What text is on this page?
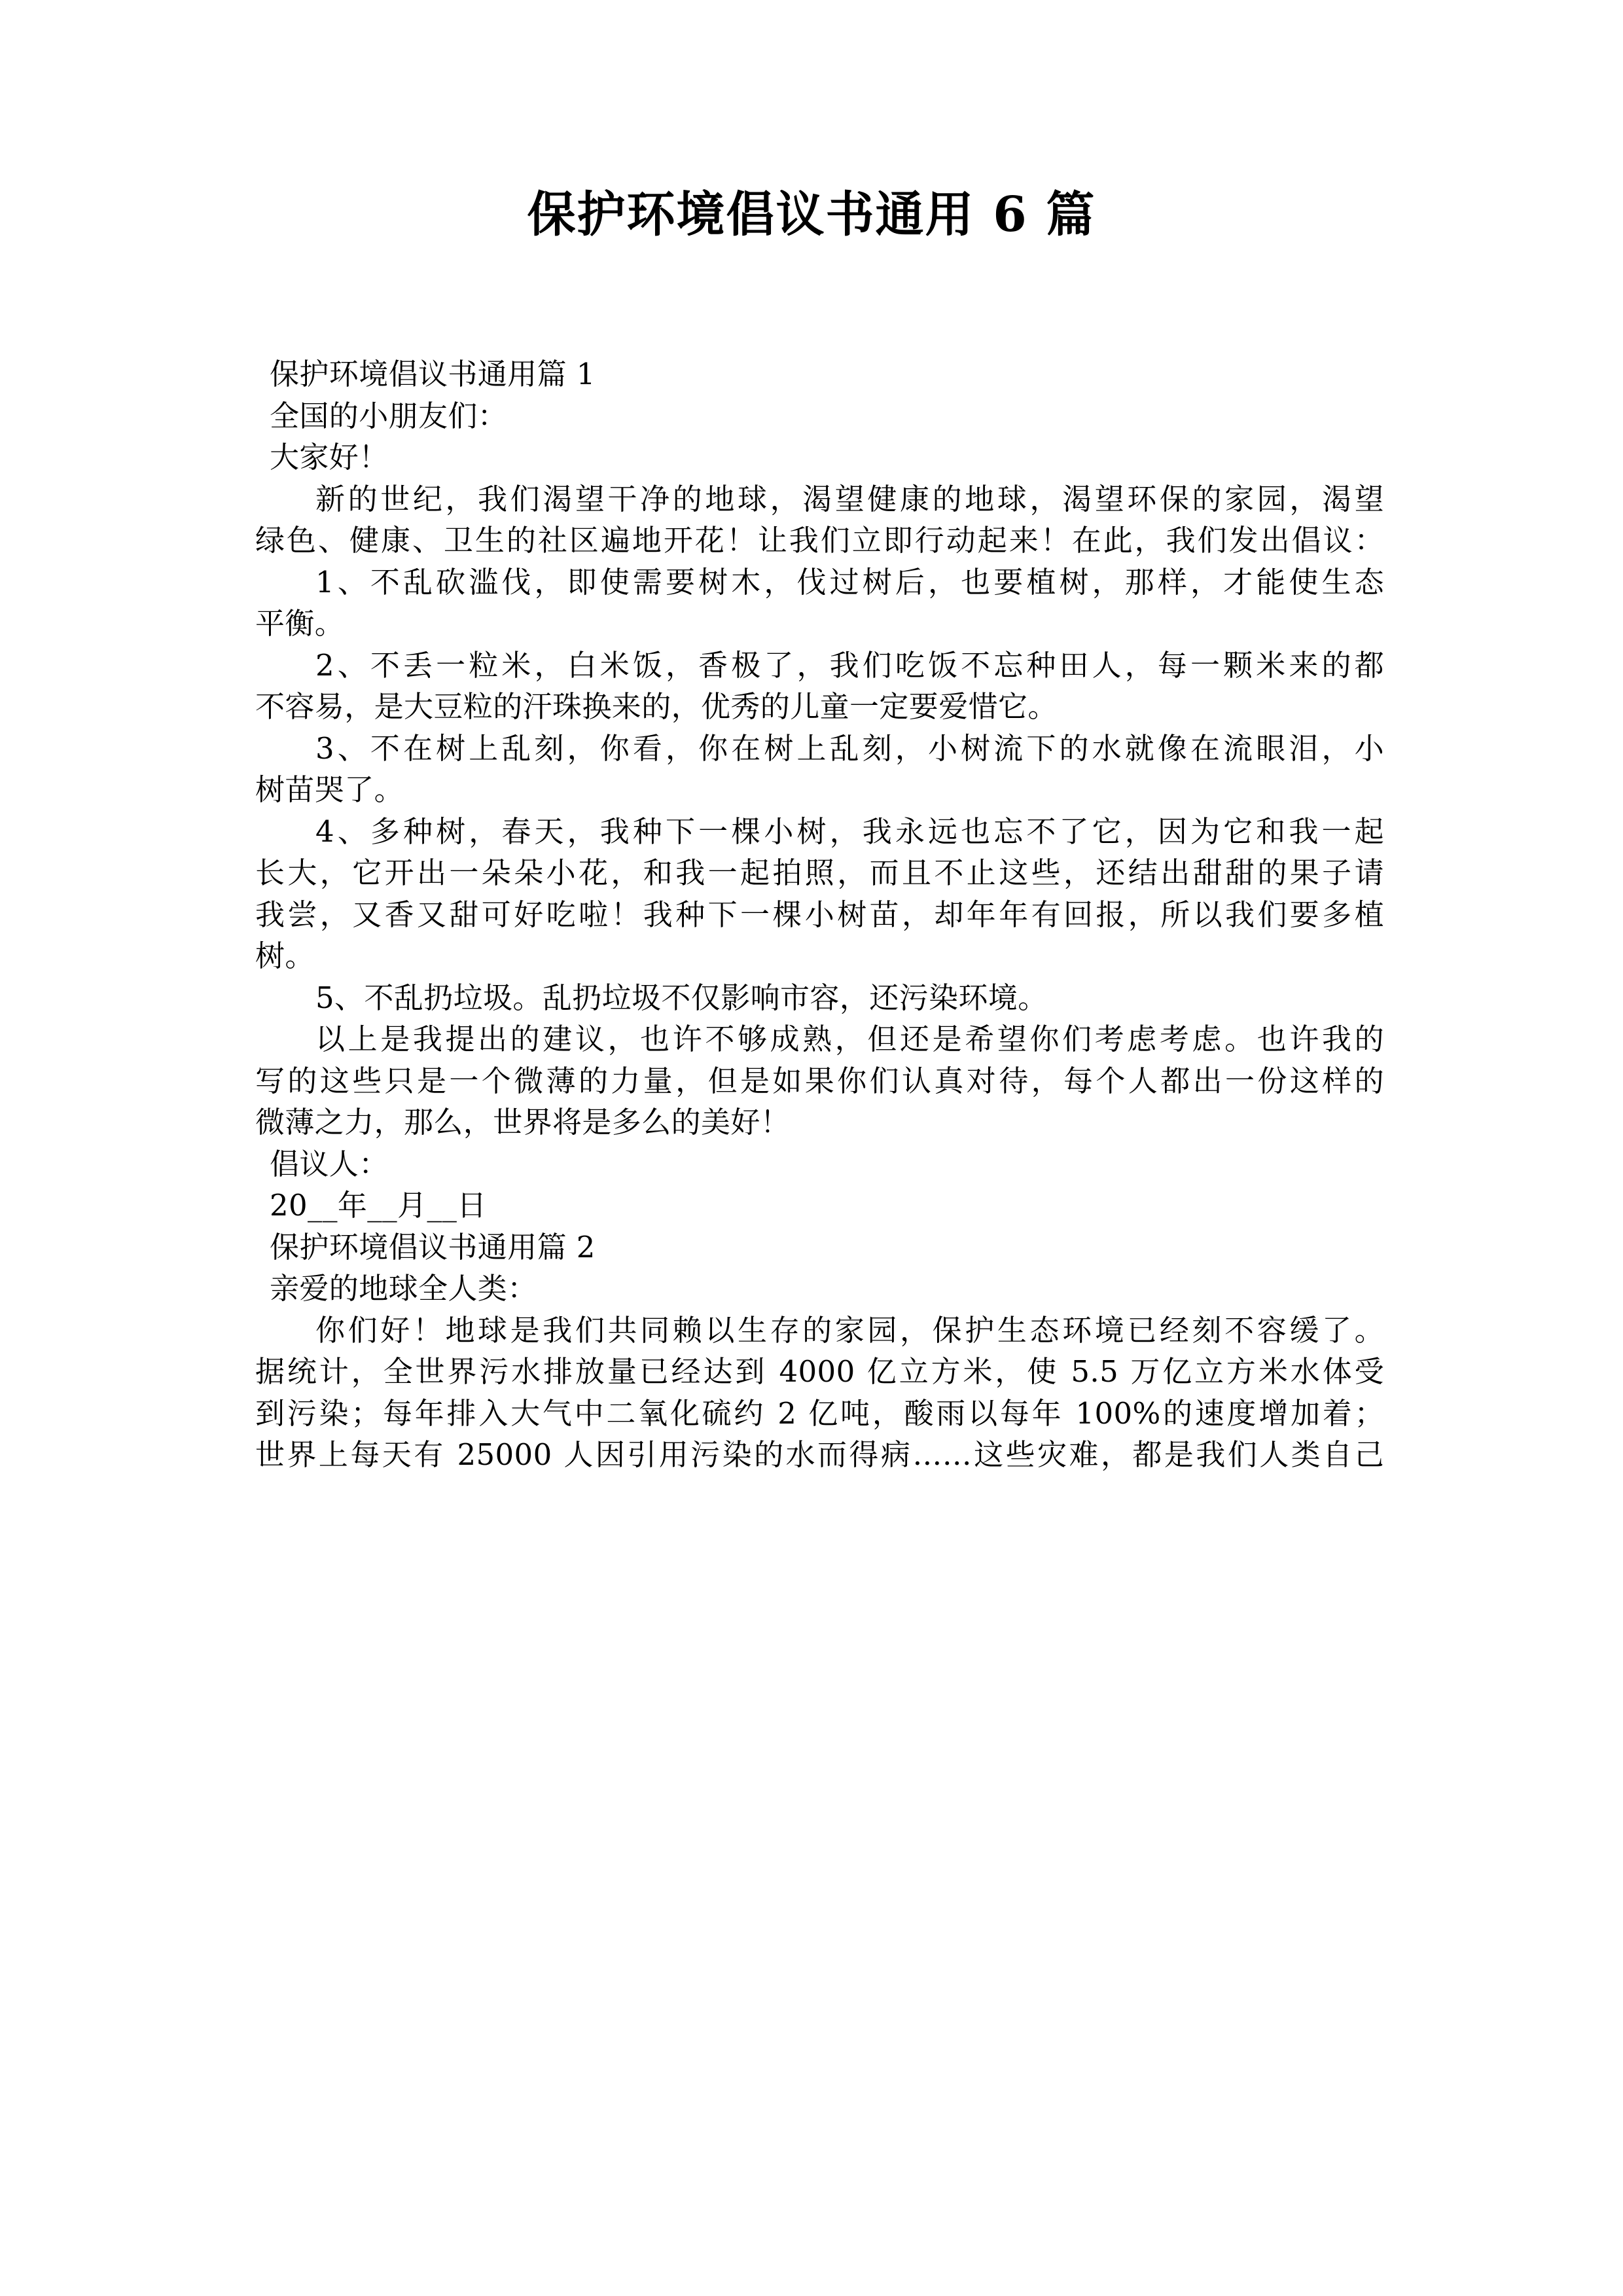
保护环境倡议书通用 6 篇
保护环境倡议书通用篇 1
全国的小朋友们：
大家好！
新的世纪，我们渴望干净的地球，渴望健康的地球，渴望环保的家园，渴望
绿色、健康、卫生的社区遍地开花！让我们立即行动起来！在此，我们发出倡议：
1、不乱砍滥伐，即使需要树木，伐过树后，也要植树，那样，才能使生态
平衡。
2、不丢一粒米，白米饭，香极了，我们吃饭不忘种田人，每一颗米来的都
不容易，是大豆粒的汗珠换来的，优秀的儿童一定要爱惜它。
3、不在树上乱刻，你看，你在树上乱刻，小树流下的水就像在流眼泪，小
树苗哭了。
4、多种树，春天，我种下一棵小树，我永远也忘不了它，因为它和我一起
长大，它开出一朵朵小花，和我一起拍照，而且不止这些，还结出甜甜的果子请
我尝，又香又甜可好吃啦！我种下一棵小树苗，却年年有回报，所以我们要多植
树。
5、不乱扔垃圾。乱扔垃圾不仅影响市容，还污染环境。
以上是我提出的建议，也许不够成熟，但还是希望你们考虑考虑。也许我的
写的这些只是一个微薄的力量，但是如果你们认真对待，每个人都出一份这样的
微薄之力，那么，世界将是多么的美好！
倡议人：
20__年__月__日
保护环境倡议书通用篇 2
亲爱的地球全人类：
你们好！地球是我们共同赖以生存的家园，保护生态环境已经刻不容缓了。
据统计，全世界污水排放量已经达到 4000 亿立方米，使 5.5 万亿立方米水体受
到污染；每年排入大气中二氧化硫约 2 亿吨，酸雨以每年 100%的速度增加着；
世界上每天有 25000 人因引用污染的水而得病……这些灾难，都是我们人类自己
